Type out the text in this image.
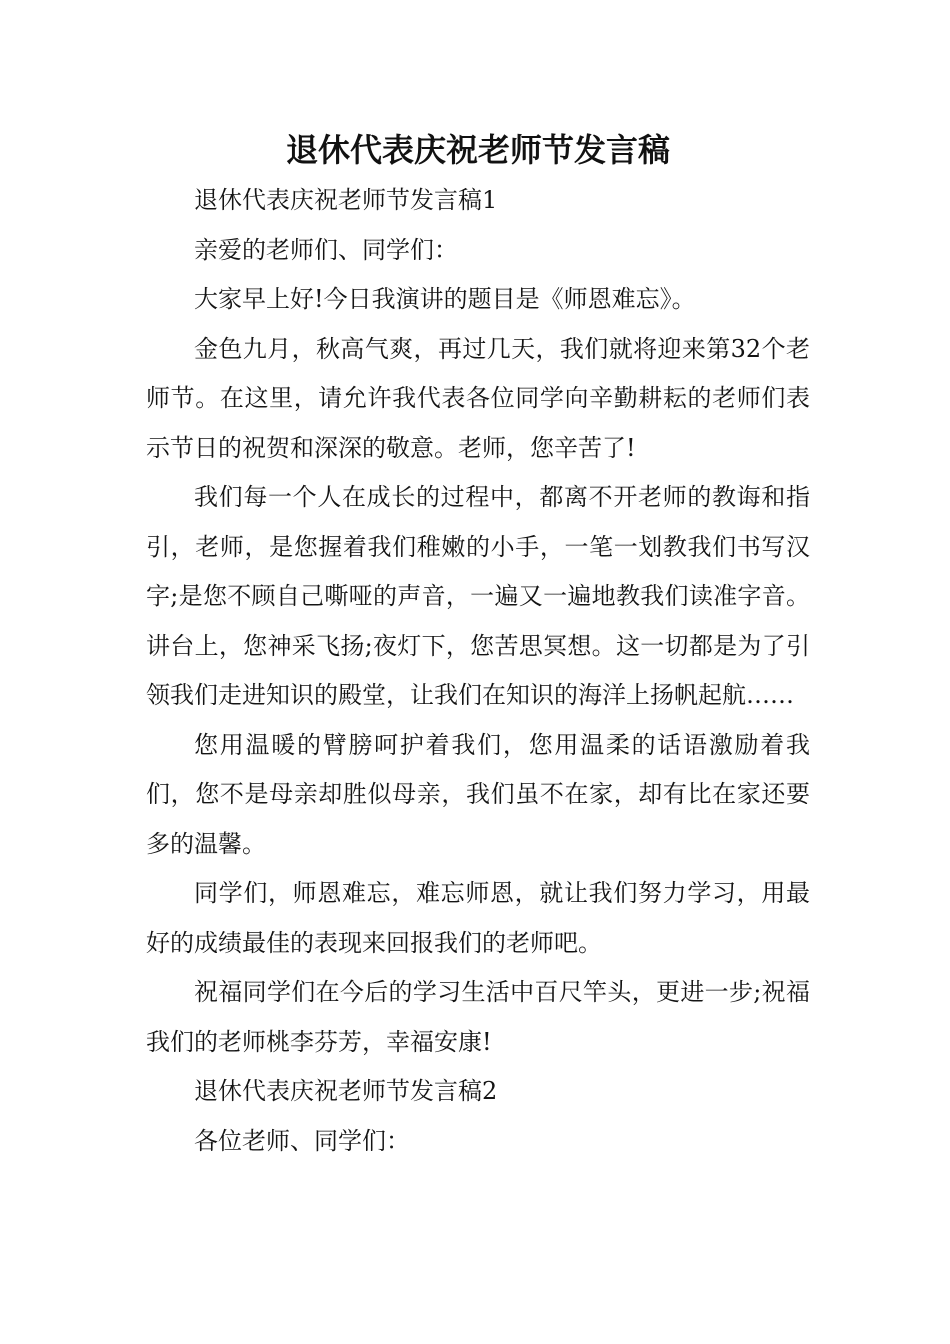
退休代表庆祝老师节发言稿

退休代表庆祝老师节发言稿1

亲爱的老师们、同学们：

大家早上好!今日我演讲的题目是《师恩难忘》。

金色九月，秋高气爽，再过几天，我们就将迎来第32个老师节。在这里，请允许我代表各位同学向辛勤耕耘的老师们表示节日的祝贺和深深的敬意。老师，您辛苦了!

我们每一个人在成长的过程中，都离不开老师的教诲和指引，老师，是您握着我们稚嫩的小手，一笔一划教我们书写汉字;是您不顾自己嘶哑的声音，一遍又一遍地教我们读准字音。讲台上，您神采飞扬;夜灯下，您苦思冥想。这一切都是为了引领我们走进知识的殿堂，让我们在知识的海洋上扬帆起航……

您用温暖的臂膀呵护着我们，您用温柔的话语激励着我们，您不是母亲却胜似母亲，我们虽不在家，却有比在家还要多的温馨。

同学们，师恩难忘，难忘师恩，就让我们努力学习，用最好的成绩最佳的表现来回报我们的老师吧。

祝福同学们在今后的学习生活中百尺竿头，更进一步;祝福我们的老师桃李芬芳，幸福安康!

退休代表庆祝老师节发言稿2

各位老师、同学们：
